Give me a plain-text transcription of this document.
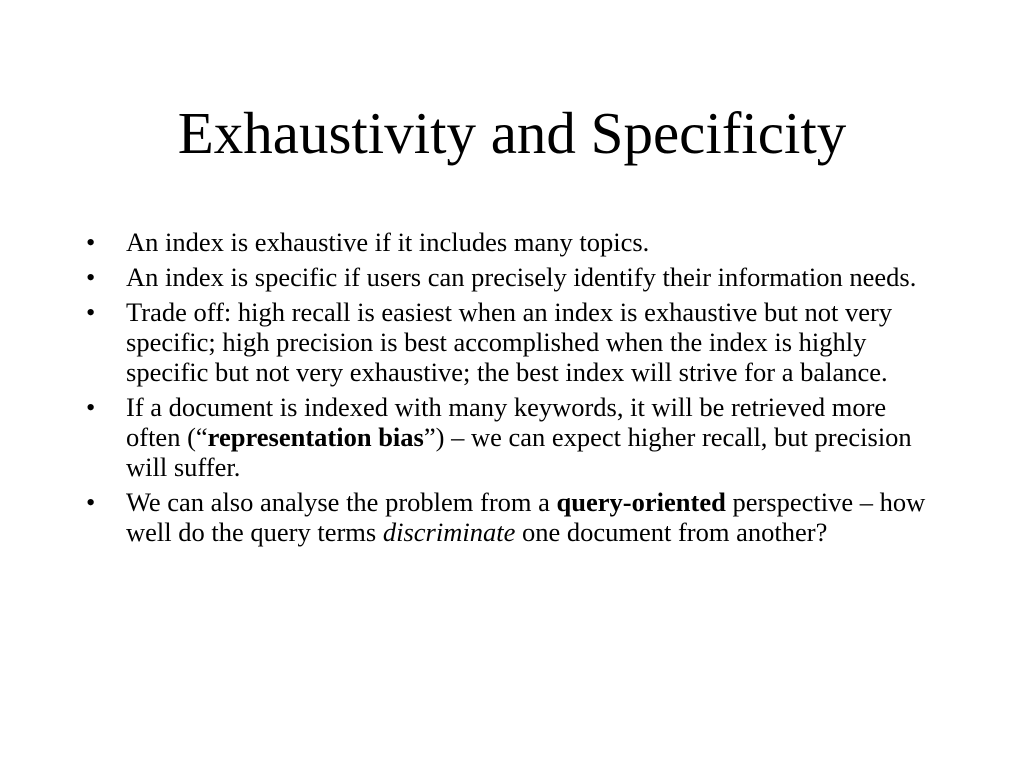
Exhaustivity and Specificity
• An index is exhaustive if it includes many topics.
• An index is specific if users can precisely identify their information needs.
• Trade off: high recall is easiest when an index is exhaustive but not very specific; high precision is best accomplished when the index is highly specific but not very exhaustive; the best index will strive for a balance.
• If a document is indexed with many keywords, it will be retrieved more often (“representation bias”) – we can expect higher recall, but precision will suffer.
• We can also analyse the problem from a query-oriented perspective – how well do the query terms discriminate one document from another?
